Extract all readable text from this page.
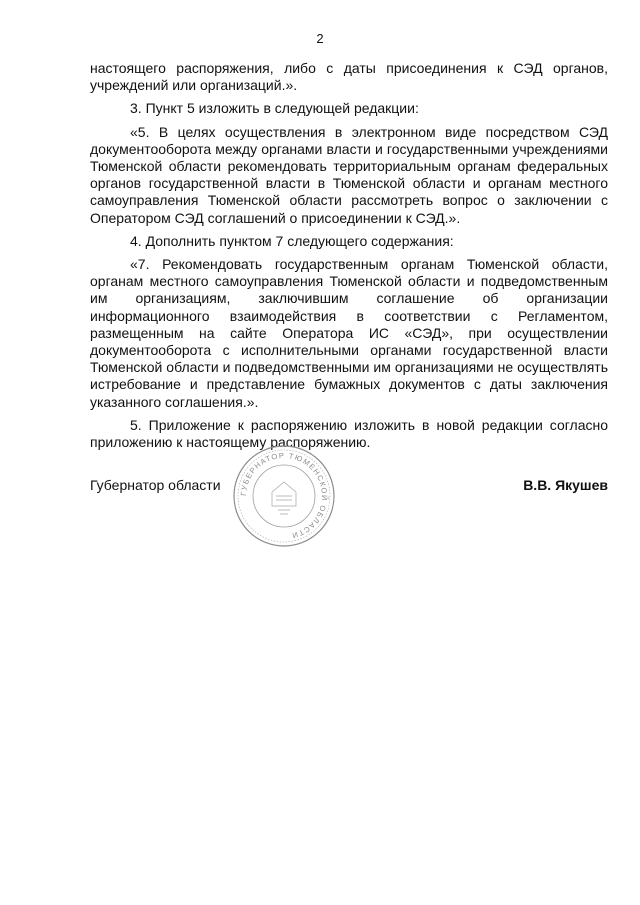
2

настоящего распоряжения, либо с даты присоединения к СЭД органов, учреждений или организаций.».

3. Пункт 5 изложить в следующей редакции:

«5. В целях осуществления в электронном виде посредством СЭД документооборота между органами власти и государственными учреждениями Тюменской области рекомендовать территориальным органам федеральных органов государственной власти в Тюменской области и органам местного самоуправления Тюменской области рассмотреть вопрос о заключении с Оператором СЭД соглашений о присоединении к СЭД.».

4. Дополнить пунктом 7 следующего содержания:

«7. Рекомендовать государственным органам Тюменской области, органам местного самоуправления Тюменской области и подведомственным им организациям, заключившим соглашение об организации информационного взаимодействия в соответствии с Регламентом, размещенным на сайте Оператора ИС «СЭД», при осуществлении документооборота с исполнительными органами государственной власти Тюменской области и подведомственными им организациями не осуществлять истребование и представление бумажных документов с даты заключения указанного соглашения.».

5. Приложение к распоряжению изложить в новой редакции согласно приложению к настоящему распоряжению.

Губернатор области	В.В. Якушев
ГУБЕРНАТОР ТЮМЕНСКОЙ ОБЛАСТИ
